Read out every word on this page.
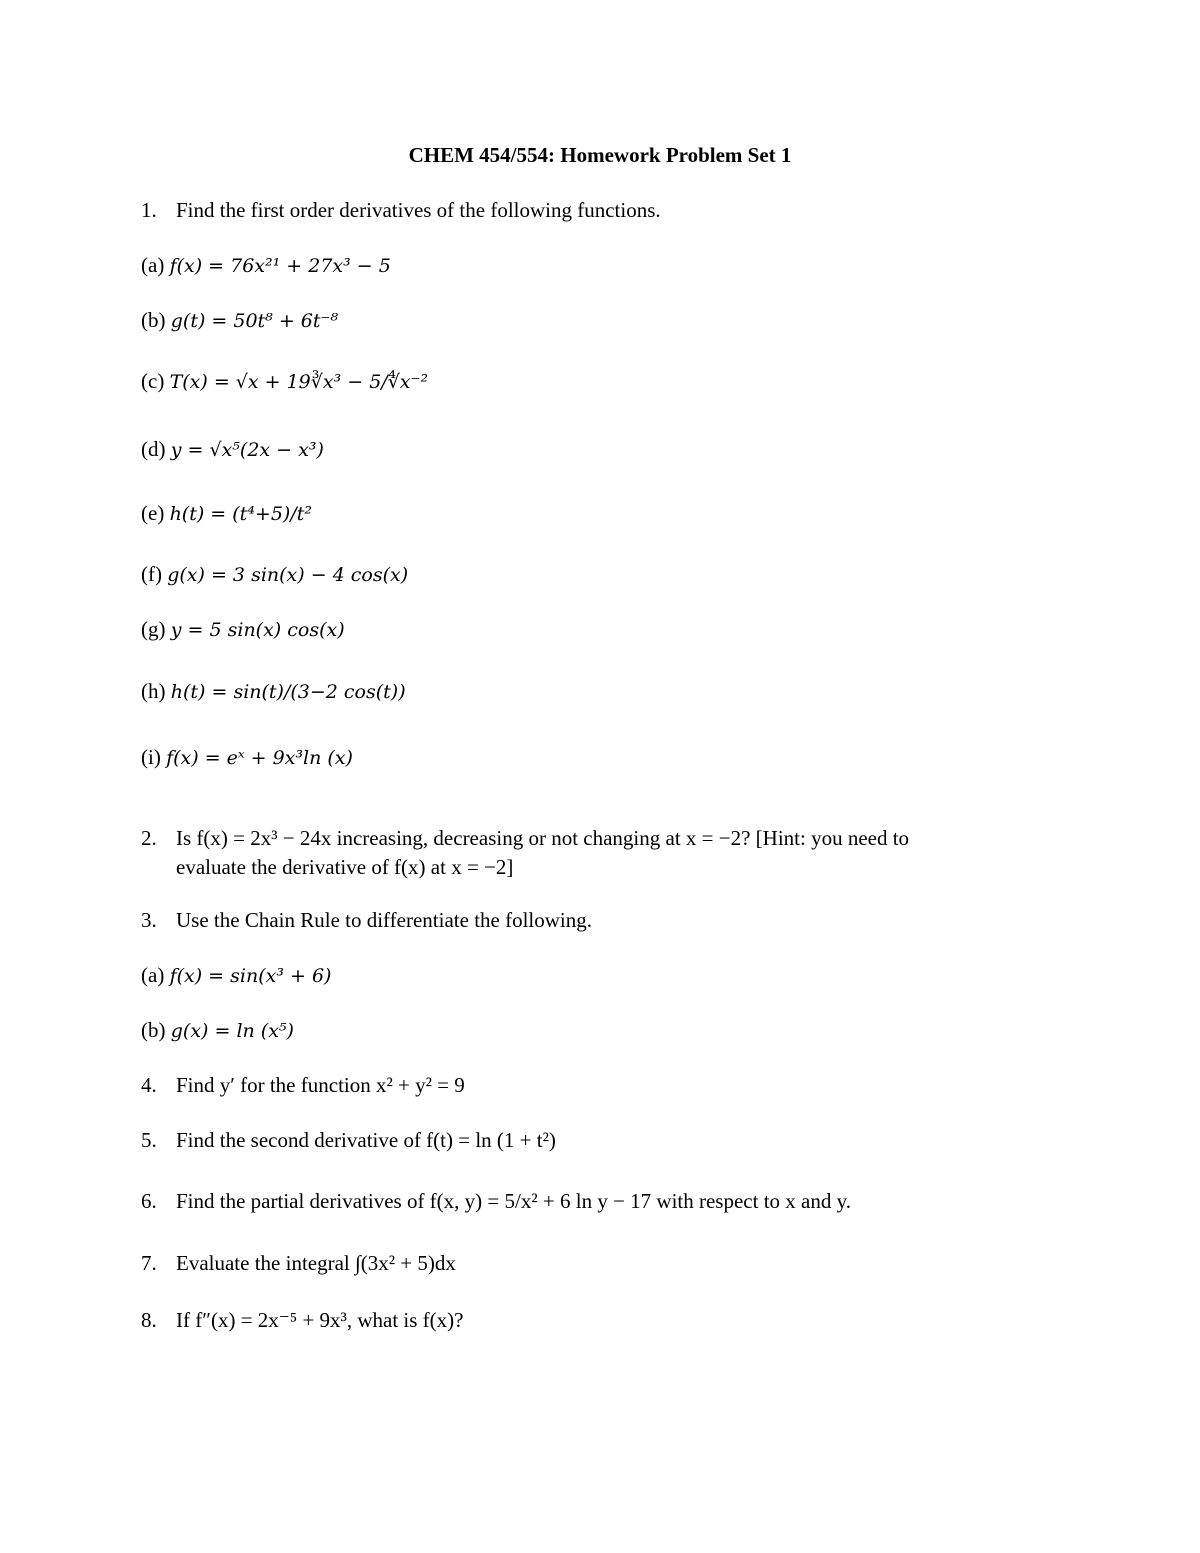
CHEM 454/554: Homework Problem Set 1
1. Find the first order derivatives of the following functions.
(a) f(x) = 76x²¹ + 27x³ − 5
(b) g(t) = 50t⁸ + 6t⁻⁸
(c) T(x) = √x + 19∛x³ − 5/∜x⁻²
(d) y = √x⁵(2x − x³)
(e) h(t) = (t⁴+5)/t²
(f) g(x) = 3 sin(x) − 4 cos(x)
(g) y = 5 sin(x) cos(x)
(h) h(t) = sin(t)/(3−2 cos(t))
(i) f(x) = eˣ + 9x³ln (x)
2. Is f(x) = 2x³ − 24x increasing, decreasing or not changing at x = −2? [Hint: you need to
evaluate the derivative of f(x) at x = −2]
3. Use the Chain Rule to differentiate the following.
(a) f(x) = sin(x³ + 6)
(b) g(x) = ln (x⁵)
4. Find y′ for the function x² + y² = 9
5. Find the second derivative of f(t) = ln (1 + t²)
6. Find the partial derivatives of f(x, y) = 5/x² + 6 ln y − 17 with respect to x and y.
7. Evaluate the integral ∫(3x² + 5)dx
8. If f″(x) = 2x⁻⁵ + 9x³, what is f(x)?
